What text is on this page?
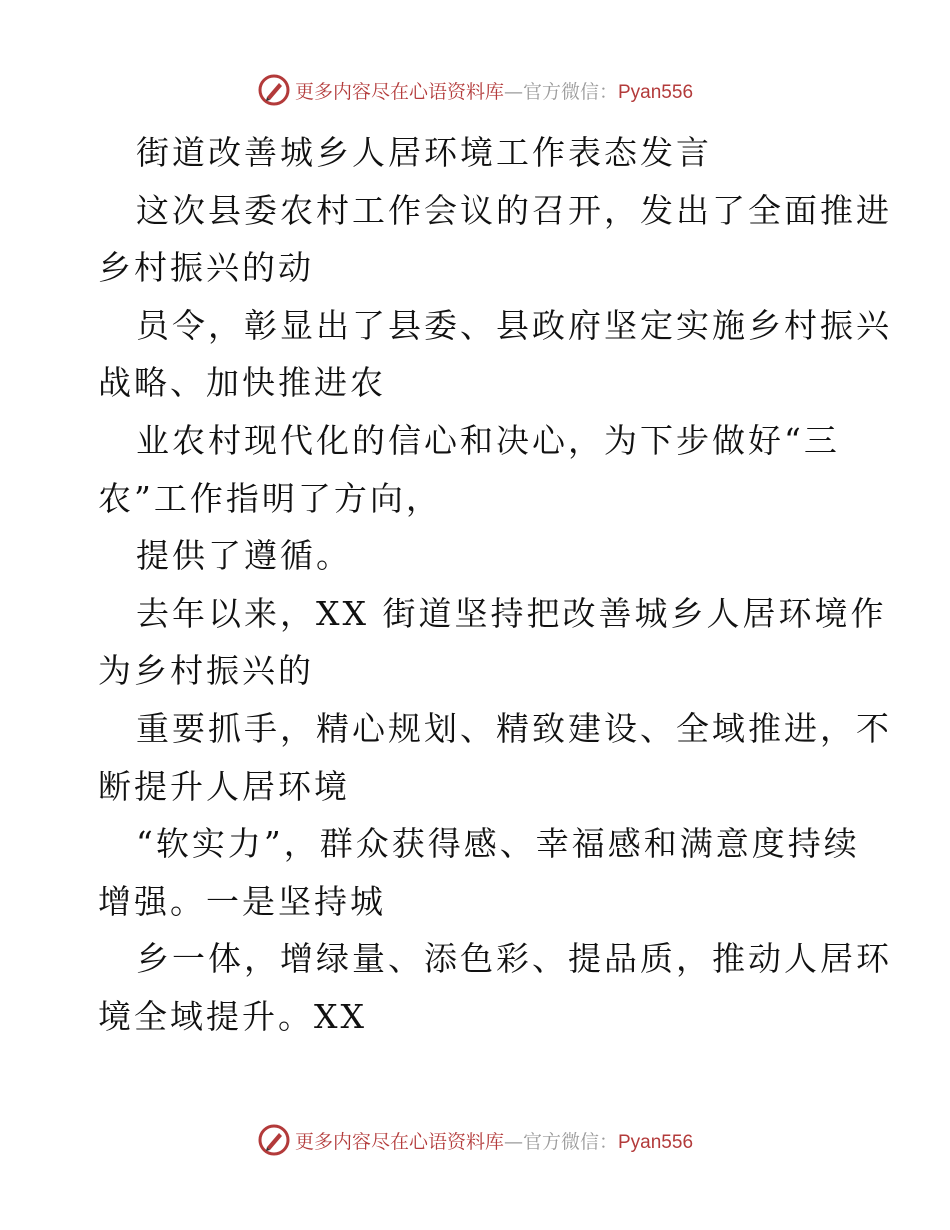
更多内容尽在心语资料库—官方微信：Pyan556
街道改善城乡人居环境工作表态发言
这次县委农村工作会议的召开，发出了全面推进
乡村振兴的动
员令，彰显出了县委、县政府坚定实施乡村振兴
战略、加快推进农
业农村现代化的信心和决心，为下步做好“三
农”工作指明了方向，
提供了遵循。
去年以来，XX 街道坚持把改善城乡人居环境作
为乡村振兴的
重要抓手，精心规划、精致建设、全域推进，不
断提升人居环境
“软实力”，群众获得感、幸福感和满意度持续
增强。一是坚持城
乡一体，增绿量、添色彩、提品质，推动人居环
境全域提升。XX
更多内容尽在心语资料库—官方微信：Pyan556
